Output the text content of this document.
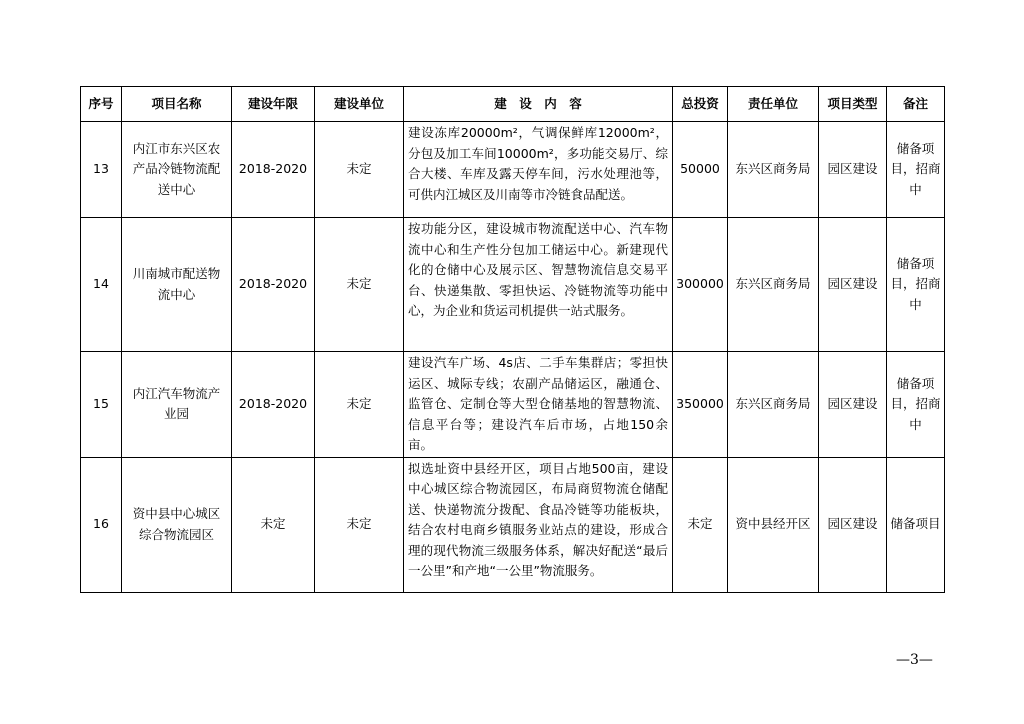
序号	项目名称	建设年限	建设单位	建　设　内　容	总投资	责任单位	项目类型	备注
13	内江市东兴区农产品冷链物流配送中心	2018-2020	未定	建设冻库20000m²，气调保鲜库12000m²，分包及加工车间10000m²，多功能交易厅、综合大楼、车库及露天停车间，污水处理池等，可供内江城区及川南等市冷链食品配送。	50000	东兴区商务局	园区建设	储备项目，招商中
14	川南城市配送物流中心	2018-2020	未定	按功能分区，建设城市物流配送中心、汽车物流中心和生产性分包加工储运中心。新建现代化的仓储中心及展示区、智慧物流信息交易平台、快递集散、零担快运、冷链物流等功能中心，为企业和货运司机提供一站式服务。	300000	东兴区商务局	园区建设	储备项目，招商中
15	内江汽车物流产业园	2018-2020	未定	建设汽车广场、4s店、二手车集群店；零担快运区、城际专线；农副产品储运区，融通仓、监管仓、定制仓等大型仓储基地的智慧物流、信息平台等；建设汽车后市场，占地150余亩。	350000	东兴区商务局	园区建设	储备项目，招商中
16	资中县中心城区综合物流园区	未定	未定	拟选址资中县经开区，项目占地500亩，建设中心城区综合物流园区，布局商贸物流仓储配送、快递物流分拨配、食品冷链等功能板块，结合农村电商乡镇服务业站点的建设，形成合理的现代物流三级服务体系，解决好配送“最后一公里”和产地“一公里”物流服务。	未定	资中县经开区	园区建设	储备项目
—3—
